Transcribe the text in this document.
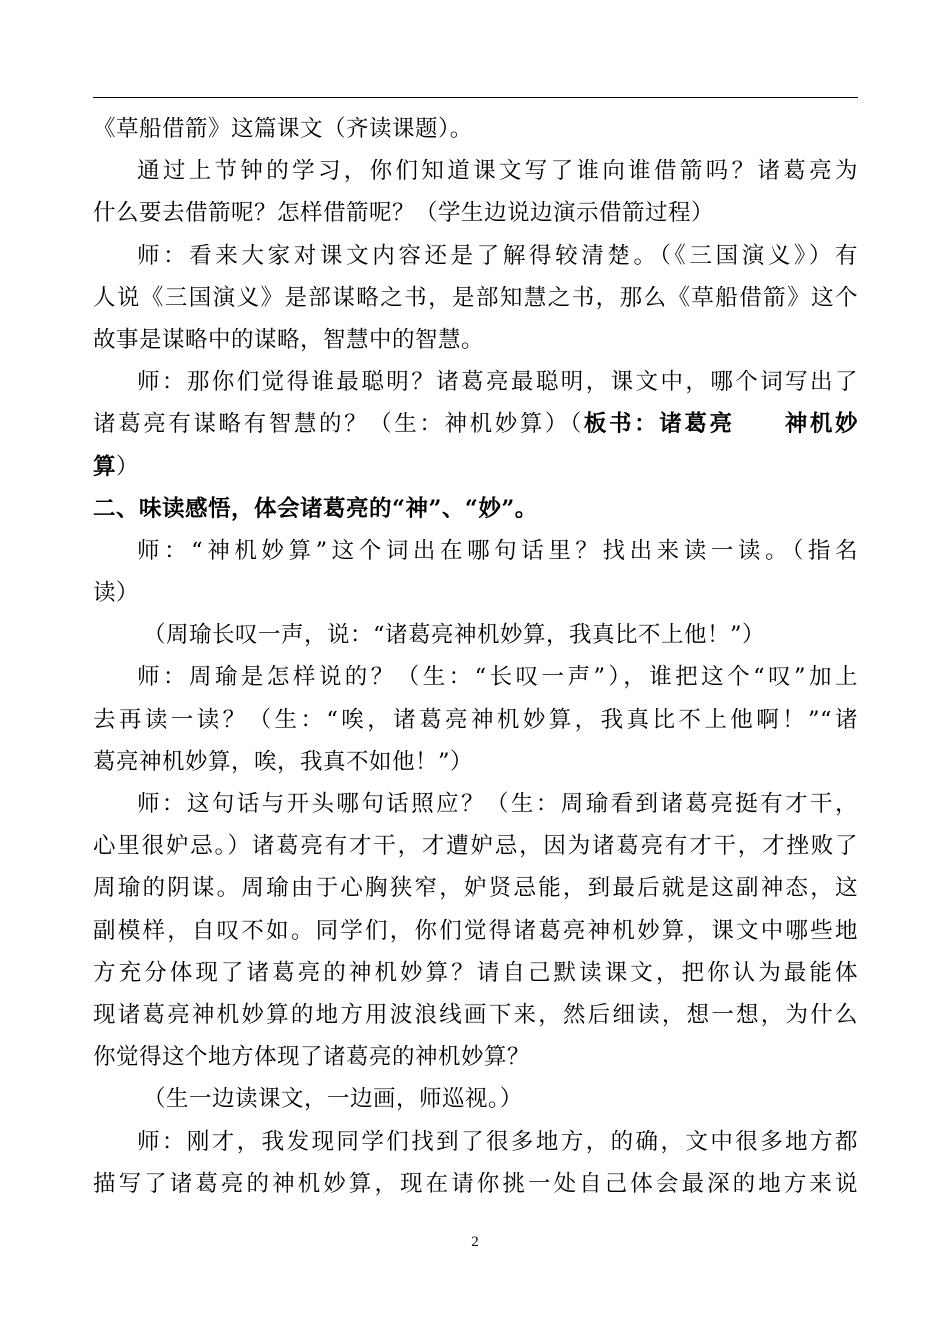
《草船借箭》这篇课文（齐读课题）。
通过上节钟的学习，你们知道课文写了谁向谁借箭吗？诸葛亮为
什么要去借箭呢？怎样借箭呢？（学生边说边演示借箭过程）
师：看来大家对课文内容还是了解得较清楚。（《三国演义》）有
人说《三国演义》是部谋略之书，是部知慧之书，那么《草船借箭》这个
故事是谋略中的谋略，智慧中的智慧。
师：那你们觉得谁最聪明？诸葛亮最聪明，课文中，哪个词写出了
诸葛亮有谋略有智慧的？（生：神机妙算）（板书：诸葛亮　　神机妙
算）
二、味读感悟，体会诸葛亮的“神”、“妙”。
师：“神机妙算”这个词出在哪句话里？找出来读一读。（指名
读）
（周瑜长叹一声，说：“诸葛亮神机妙算，我真比不上他！”）
师：周瑜是怎样说的？（生：“长叹一声”），谁把这个“叹”加上
去再读一读？（生：“唉，诸葛亮神机妙算，我真比不上他啊！”“诸
葛亮神机妙算，唉，我真不如他！”）
师：这句话与开头哪句话照应？（生：周瑜看到诸葛亮挺有才干，
心里很妒忌。）诸葛亮有才干，才遭妒忌，因为诸葛亮有才干，才挫败了
周瑜的阴谋。周瑜由于心胸狭窄，妒贤忌能，到最后就是这副神态，这
副模样，自叹不如。同学们，你们觉得诸葛亮神机妙算，课文中哪些地
方充分体现了诸葛亮的神机妙算？请自己默读课文，把你认为最能体
现诸葛亮神机妙算的地方用波浪线画下来，然后细读，想一想，为什么
你觉得这个地方体现了诸葛亮的神机妙算？
（生一边读课文，一边画，师巡视。）
师：刚才，我发现同学们找到了很多地方，的确，文中很多地方都
描写了诸葛亮的神机妙算，现在请你挑一处自己体会最深的地方来说
2
